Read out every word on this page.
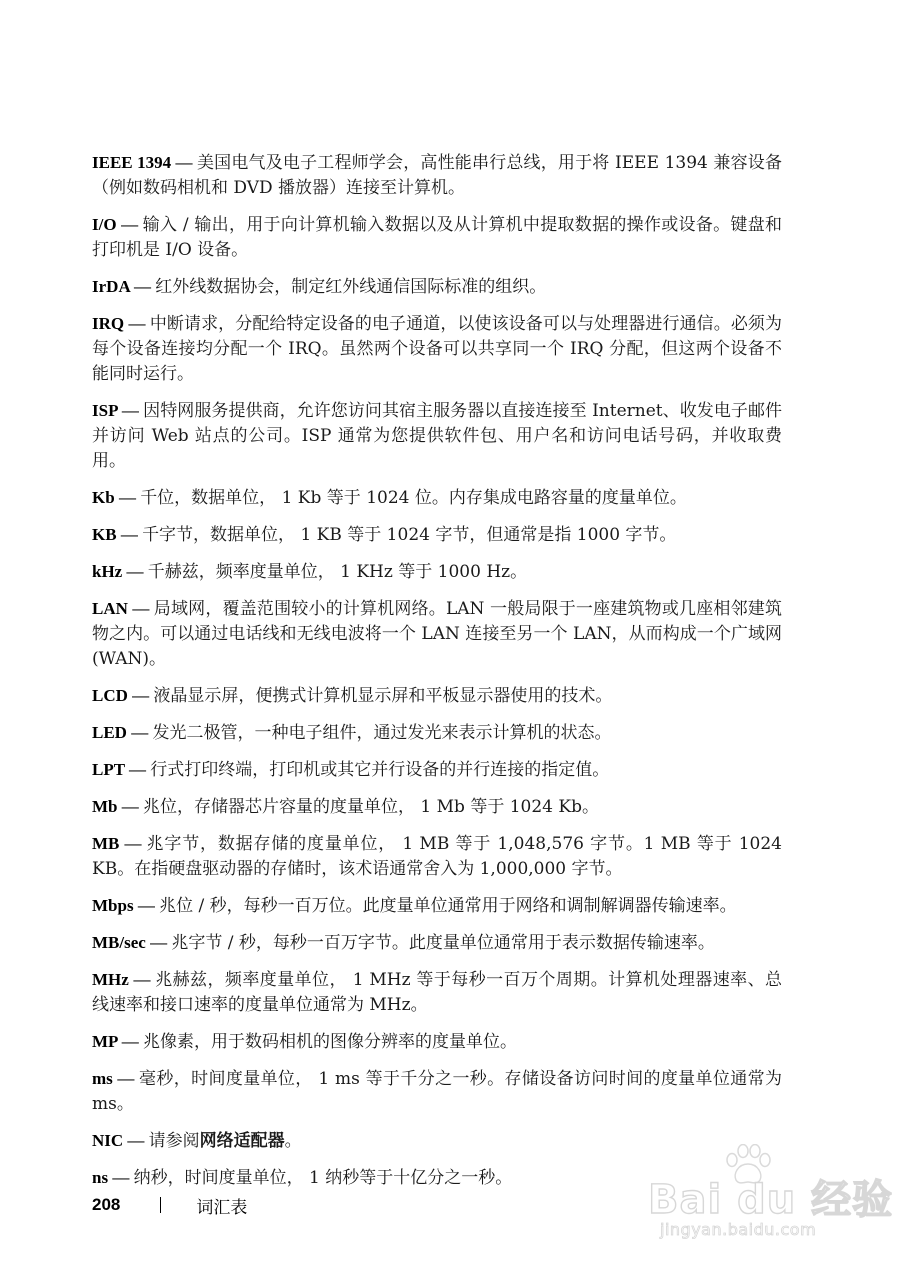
IEEE 1394 — 美国电气及电子工程师学会，高性能串行总线，用于将 IEEE 1394 兼容设备 （例如数码相机和 DVD 播放器）连接至计算机。

I/O — 输入 / 输出，用于向计算机输入数据以及从计算机中提取数据的操作或设备。键盘和打印机是 I/O 设备。

IrDA — 红外线数据协会，制定红外线通信国际标准的组织。

IRQ — 中断请求，分配给特定设备的电子通道，以使该设备可以与处理器进行通信。必须为每个设备连接均分配一个 IRQ。虽然两个设备可以共享同一个 IRQ 分配，但这两个设备不能同时运行。

ISP — 因特网服务提供商，允许您访问其宿主服务器以直接连接至 Internet、收发电子邮件并访问 Web 站点的公司。ISP 通常为您提供软件包、用户名和访问电话号码，并收取费用。

Kb — 千位，数据单位， 1 Kb 等于 1024 位。内存集成电路容量的度量单位。

KB — 千字节，数据单位， 1 KB 等于 1024 字节，但通常是指 1000 字节。

kHz — 千赫兹，频率度量单位， 1 KHz 等于 1000 Hz。

LAN — 局域网，覆盖范围较小的计算机网络。LAN 一般局限于一座建筑物或几座相邻建筑物之内。可以通过电话线和无线电波将一个 LAN 连接至另一个 LAN，从而构成一个广域网 (WAN)。

LCD — 液晶显示屏，便携式计算机显示屏和平板显示器使用的技术。

LED — 发光二极管，一种电子组件，通过发光来表示计算机的状态。

LPT — 行式打印终端，打印机或其它并行设备的并行连接的指定值。

Mb — 兆位，存储器芯片容量的度量单位， 1 Mb 等于 1024 Kb。

MB — 兆字节，数据存储的度量单位， 1 MB 等于 1,048,576 字节。1 MB 等于 1024 KB。在指硬盘驱动器的存储时，该术语通常舍入为 1,000,000 字节。

Mbps — 兆位 / 秒，每秒一百万位。此度量单位通常用于网络和调制解调器传输速率。

MB/sec — 兆字节 / 秒，每秒一百万字节。此度量单位通常用于表示数据传输速率。

MHz — 兆赫兹，频率度量单位， 1 MHz 等于每秒一百万个周期。计算机处理器速率、总线速率和接口速率的度量单位通常为 MHz。

MP — 兆像素，用于数码相机的图像分辨率的度量单位。

ms — 毫秒，时间度量单位， 1 ms 等于千分之一秒。存储设备访问时间的度量单位通常为 ms。

NIC — 请参阅网络适配器。

ns — 纳秒，时间度量单位， 1 纳秒等于十亿分之一秒。

208	词汇表	Bai du 经验
jingyan.baidu.com
